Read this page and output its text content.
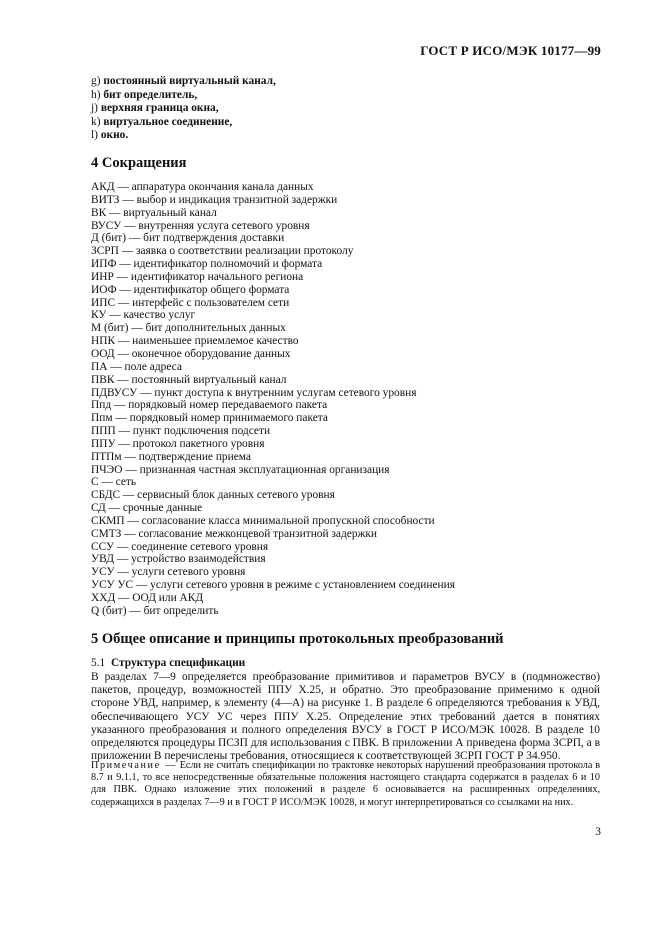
ГОСТ Р ИСО/МЭК 10177—99
g) постоянный виртуальный канал,
h) бит определитель,
j) верхняя граница окна,
k) виртуальное соединение,
l) окно.
4 Сокращения
АКД — аппаратура окончания канала данных
ВИТЗ — выбор и индикация транзитной задержки
ВК — виртуальный канал
ВУСУ — внутренняя услуга сетевого уровня
Д (бит) — бит подтверждения доставки
ЗСРП — заявка о соответствии реализации протоколу
ИПФ — идентификатор полномочий и формата
ИНР — идентификатор начального региона
ИОФ — идентификатор общего формата
ИПС — интерфейс с пользователем сети
КУ — качество услуг
М (бит) — бит дополнительных данных
НПК — наименьшее приемлемое качество
ООД — оконечное оборудование данных
ПА — поле адреса
ПВК — постоянный виртуальный канал
ПДВУСУ — пункт доступа к внутренним услугам сетевого уровня
Ппд — порядковый номер передаваемого пакета
Ппм — порядковый номер принимаемого пакета
ППП — пункт подключения подсети
ППУ — протокол пакетного уровня
ПТПм — подтверждение приема
ПЧЭО — признанная частная эксплуатационная организация
С — сеть
СБДС — сервисный блок данных сетевого уровня
СД — срочные данные
СКМП — согласование класса минимальной пропускной способности
СМТЗ — согласование межконцевой транзитной задержки
ССУ — соединение сетевого уровня
УВД — устройство взаимодействия
УСУ — услуги сетевого уровня
УСУ УС — услуги сетевого уровня в режиме с установлением соединения
ХХД — ООД или АКД
Q (бит) — бит определить
5 Общее описание и принципы протокольных преобразований
5.1 Структура спецификации
В разделах 7—9 определяется преобразование примитивов и параметров ВУСУ в (подмножество) пакетов, процедур, возможностей ППУ Х.25, и обратно. Это преобразование применимо к одной стороне УВД, например, к элементу (4—А) на рисунке 1. В разделе 6 определяются требования к УВД, обеспечивающего УСУ УС через ППУ Х.25. Определение этих требований дается в понятиях указанного преобразования и полного определения ВУСУ в ГОСТ Р ИСО/МЭК 10028. В разделе 10 определяются процедуры ПСЗП для использования с ПВК. В приложении А приведена форма ЗСРП, а в приложении В перечислены требования, относящиеся к соответствующей ЗСРП ГОСТ Р 34.950.
Примечание — Если не считать спецификации по трактовке некоторых нарушений преобразования протокола в 8.7 и 9.1.1, то все непосредственные обязательные положения настоящего стандарта содержатся в разделах 6 и 10 для ПВК. Однако изложение этих положений в разделе 6 основывается на расширенных определениях, содержащихся в разделах 7—9 и в ГОСТ Р ИСО/МЭК 10028, и могут интерпретироваться со ссылками на них.
3
